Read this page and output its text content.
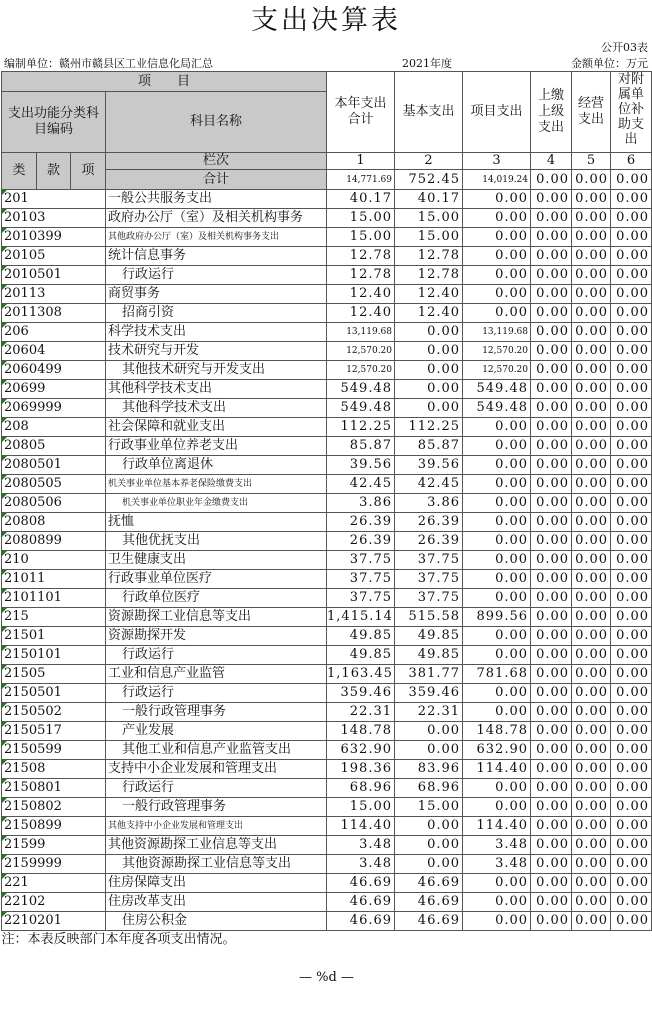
支出决算表
公开03表
编制单位：赣州市赣县区工业信息化局汇总	2021年度	金额单位：万元
项　　目				本年支出合计	基本支出	项目支出	上缴上级支出	经营支出	对附属单位补助支出
支出功能分类科目编码			科目名称						

类	款	项	栏次	1	2	3	4	5	6
			合计	14,771.69	752.45	14,019.24	0.00	0.00	0.00
201			一般公共服务支出	40.17	40.17	0.00	0.00	0.00	0.00
20103			政府办公厅（室）及相关机构事务	15.00	15.00	0.00	0.00	0.00	0.00
2010399			其他政府办公厅（室）及相关机构事务支出	15.00	15.00	0.00	0.00	0.00	0.00
20105			统计信息事务	12.78	12.78	0.00	0.00	0.00	0.00
2010501			行政运行	12.78	12.78	0.00	0.00	0.00	0.00
20113			商贸事务	12.40	12.40	0.00	0.00	0.00	0.00
2011308			招商引资	12.40	12.40	0.00	0.00	0.00	0.00
206			科学技术支出	13,119.68	0.00	13,119.68	0.00	0.00	0.00
20604			技术研究与开发	12,570.20	0.00	12,570.20	0.00	0.00	0.00
2060499			其他技术研究与开发支出	12,570.20	0.00	12,570.20	0.00	0.00	0.00
20699			其他科学技术支出	549.48	0.00	549.48	0.00	0.00	0.00
2069999			其他科学技术支出	549.48	0.00	549.48	0.00	0.00	0.00
208			社会保障和就业支出	112.25	112.25	0.00	0.00	0.00	0.00
20805			行政事业单位养老支出	85.87	85.87	0.00	0.00	0.00	0.00
2080501			行政单位离退休	39.56	39.56	0.00	0.00	0.00	0.00
2080505			机关事业单位基本养老保险缴费支出	42.45	42.45	0.00	0.00	0.00	0.00
2080506			机关事业单位职业年金缴费支出	3.86	3.86	0.00	0.00	0.00	0.00
20808			抚恤	26.39	26.39	0.00	0.00	0.00	0.00
2080899			其他优抚支出	26.39	26.39	0.00	0.00	0.00	0.00
210			卫生健康支出	37.75	37.75	0.00	0.00	0.00	0.00
21011			行政事业单位医疗	37.75	37.75	0.00	0.00	0.00	0.00
2101101			行政单位医疗	37.75	37.75	0.00	0.00	0.00	0.00
215			资源勘探工业信息等支出	1,415.14	515.58	899.56	0.00	0.00	0.00
21501			资源勘探开发	49.85	49.85	0.00	0.00	0.00	0.00
2150101			行政运行	49.85	49.85	0.00	0.00	0.00	0.00
21505			工业和信息产业监管	1,163.45	381.77	781.68	0.00	0.00	0.00
2150501			行政运行	359.46	359.46	0.00	0.00	0.00	0.00
2150502			一般行政管理事务	22.31	22.31	0.00	0.00	0.00	0.00
2150517			产业发展	148.78	0.00	148.78	0.00	0.00	0.00
2150599			其他工业和信息产业监管支出	632.90	0.00	632.90	0.00	0.00	0.00
21508			支持中小企业发展和管理支出	198.36	83.96	114.40	0.00	0.00	0.00
2150801			行政运行	68.96	68.96	0.00	0.00	0.00	0.00
2150802			一般行政管理事务	15.00	15.00	0.00	0.00	0.00	0.00
2150899			其他支持中小企业发展和管理支出	114.40	0.00	114.40	0.00	0.00	0.00
21599			其他资源勘探工业信息等支出	3.48	0.00	3.48	0.00	0.00	0.00
2159999			其他资源勘探工业信息等支出	3.48	0.00	3.48	0.00	0.00	0.00
221			住房保障支出	46.69	46.69	0.00	0.00	0.00	0.00
22102			住房改革支出	46.69	46.69	0.00	0.00	0.00	0.00
2210201			住房公积金	46.69	46.69	0.00	0.00	0.00	0.00
注：本表反映部门本年度各项支出情况。									

— %d —									
